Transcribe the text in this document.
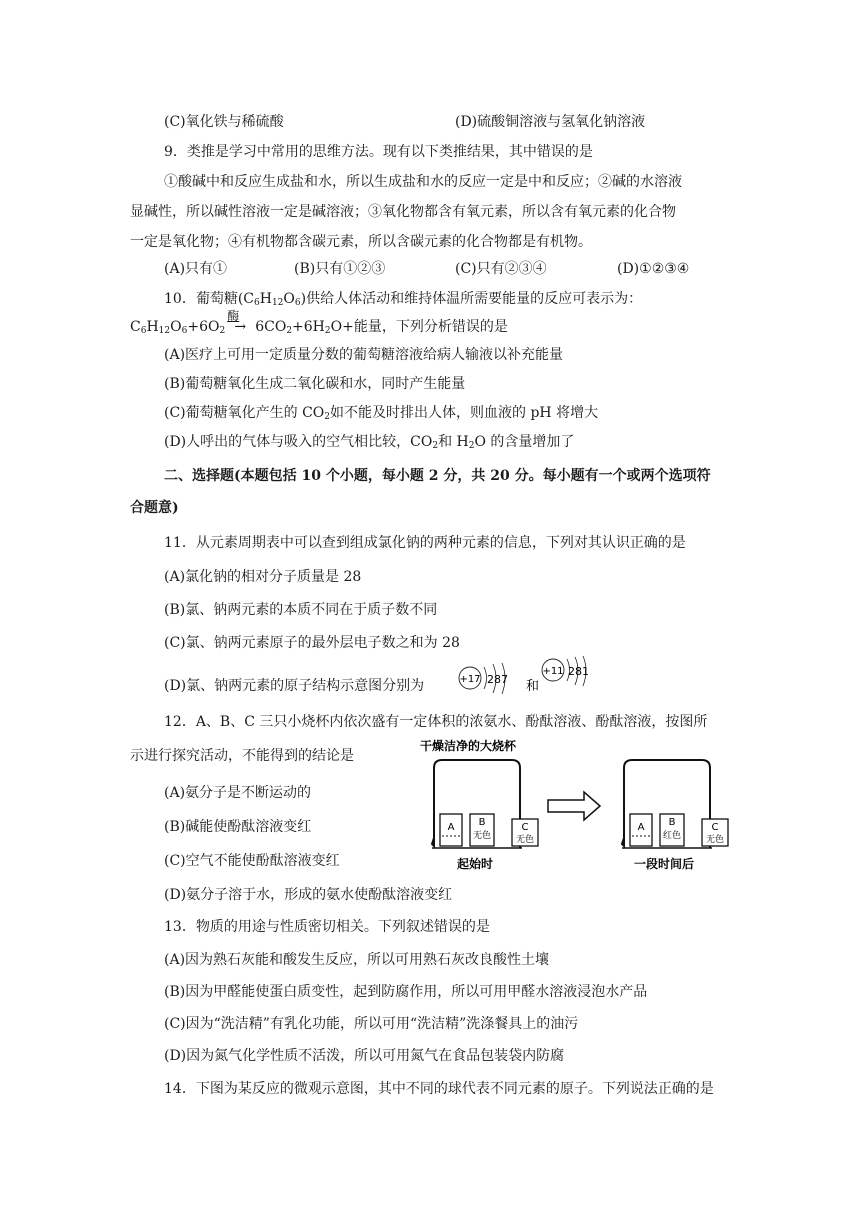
(C)氧化铁与稀硫酸	(D)硫酸铜溶液与氢氧化钠溶液
9．类推是学习中常用的思维方法。现有以下类推结果，其中错误的是
①酸碱中和反应生成盐和水，所以生成盐和水的反应一定是中和反应；②碱的水溶液
显碱性，所以碱性溶液一定是碱溶液；③氧化物都含有氧元素，所以含有氧元素的化合物
一定是氧化物；④有机物都含碳元素，所以含碳元素的化合物都是有机物。
(A)只有①	(B)只有①②③	(C)只有②③④	(D)①②③④
10．葡萄糖$(C_6H_{12}O_6)$供给人体活动和维持体温所需要能量的反应可表示为：
$C_6H_{12}O_6+6O_2$
酶
→ $6CO_2+6H_2O+$能量，下列分析错误的是
(A)医疗上可用一定质量分数的葡萄糖溶液给病人输液以补充能量
(B)葡萄糖氧化生成二氧化碳和水，同时产生能量
(C)葡萄糖氧化产生的 $CO_2$如不能及时排出人体，则血液的 pH 将增大
(D)人呼出的气体与吸入的空气相比较，$CO_2$和 $H_2O$ 的含量增加了
二、选择题(本题包括 10 个小题，每小题 2 分，共 20 分。每小题有一个或两个选项符
合题意)
11．从元素周期表中可以查到组成氯化钠的两种元素的信息，下列对其认识正确的是
(A)氯化钠的相对分子质量是 28
(B)氯、钠两元素的本质不同在于质子数不同
(C)氯、钠两元素原子的最外层电子数之和为 28
(D)氯、钠两元素的原子结构示意图分别为	+17 287 和
+11 281
12．A、B、C 三只小烧杯内依次盛有一定体积的浓氨水、酚酞溶液、酚酞溶液，按图所
示进行探究活动，不能得到的结论是
(A)氨分子是不断运动的
(B)碱能使酚酞溶液变红
(C)空气不能使酚酞溶液变红
(D)氨分子溶于水，形成的氨水使酚酞溶液变红
干燥洁净的大烧杯
A B
无色
C
无色
起始时
A B
红色
C
无色
一段时间后
13．物质的用途与性质密切相关。下列叙述错误的是
(A)因为熟石灰能和酸发生反应，所以可用熟石灰改良酸性土壤
(B)因为甲醛能使蛋白质变性，起到防腐作用，所以可用甲醛水溶液浸泡水产品
(C)因为“洗洁精”有乳化功能，所以可用“洗洁精”洗涤餐具上的油污
(D)因为氮气化学性质不活泼，所以可用氮气在食品包装袋内防腐
14．下图为某反应的微观示意图，其中不同的球代表不同元素的原子。下列说法正确的是
